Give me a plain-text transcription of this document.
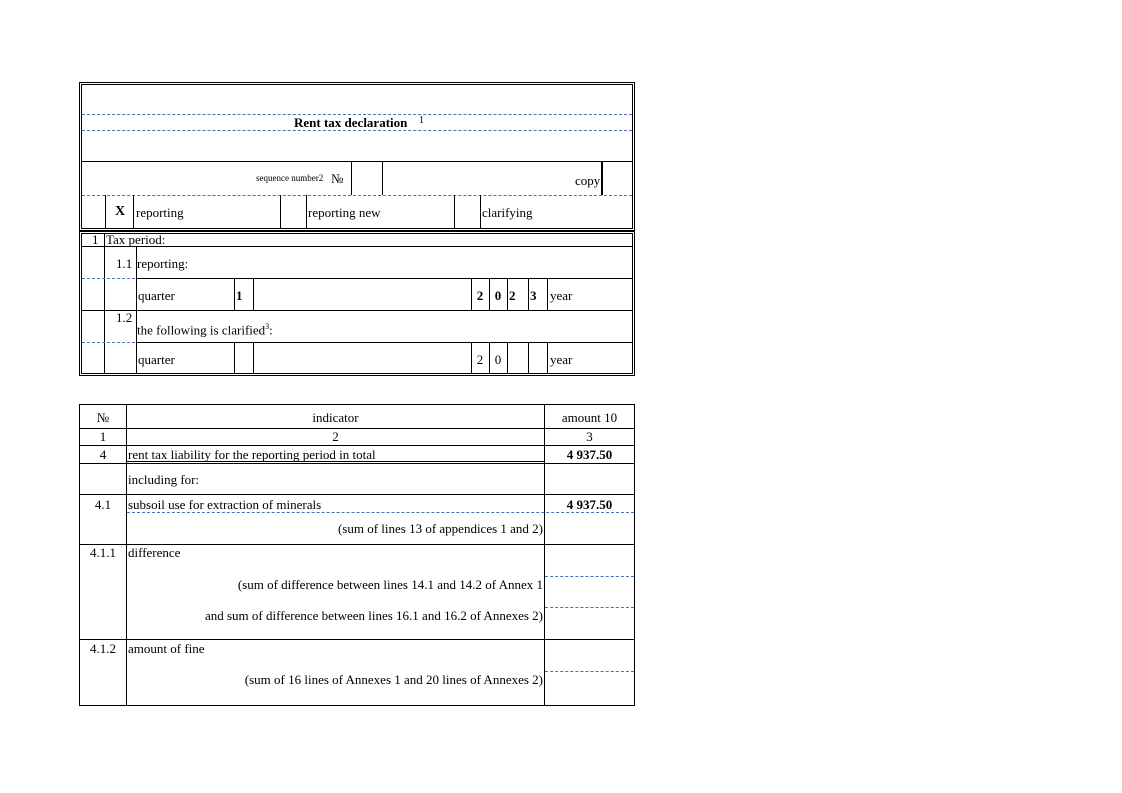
Rent tax declaration 1
sequence number2 №	copy
X reporting	reporting new	clarifying
1 Tax period:
1.1 reporting:
quarter	1	2 0 2 3 year
1.2
the following is clarified$^3$:
quarter	2 0	year
№	indicator	amount 10
1	2	3
4	rent tax liability for the reporting period in total	4 937.50
including for:
4.1	subsoil use for extraction of minerals	4 937.50
(sum of lines 13 of appendices 1 and 2)
4.1.1 difference
(sum of difference between lines 14.1 and 14.2 of Annex 1
and sum of difference between lines 16.1 and 16.2 of Annexes 2)
4.1.2 amount of fine
(sum of 16 lines of Annexes 1 and 20 lines of Annexes 2)
